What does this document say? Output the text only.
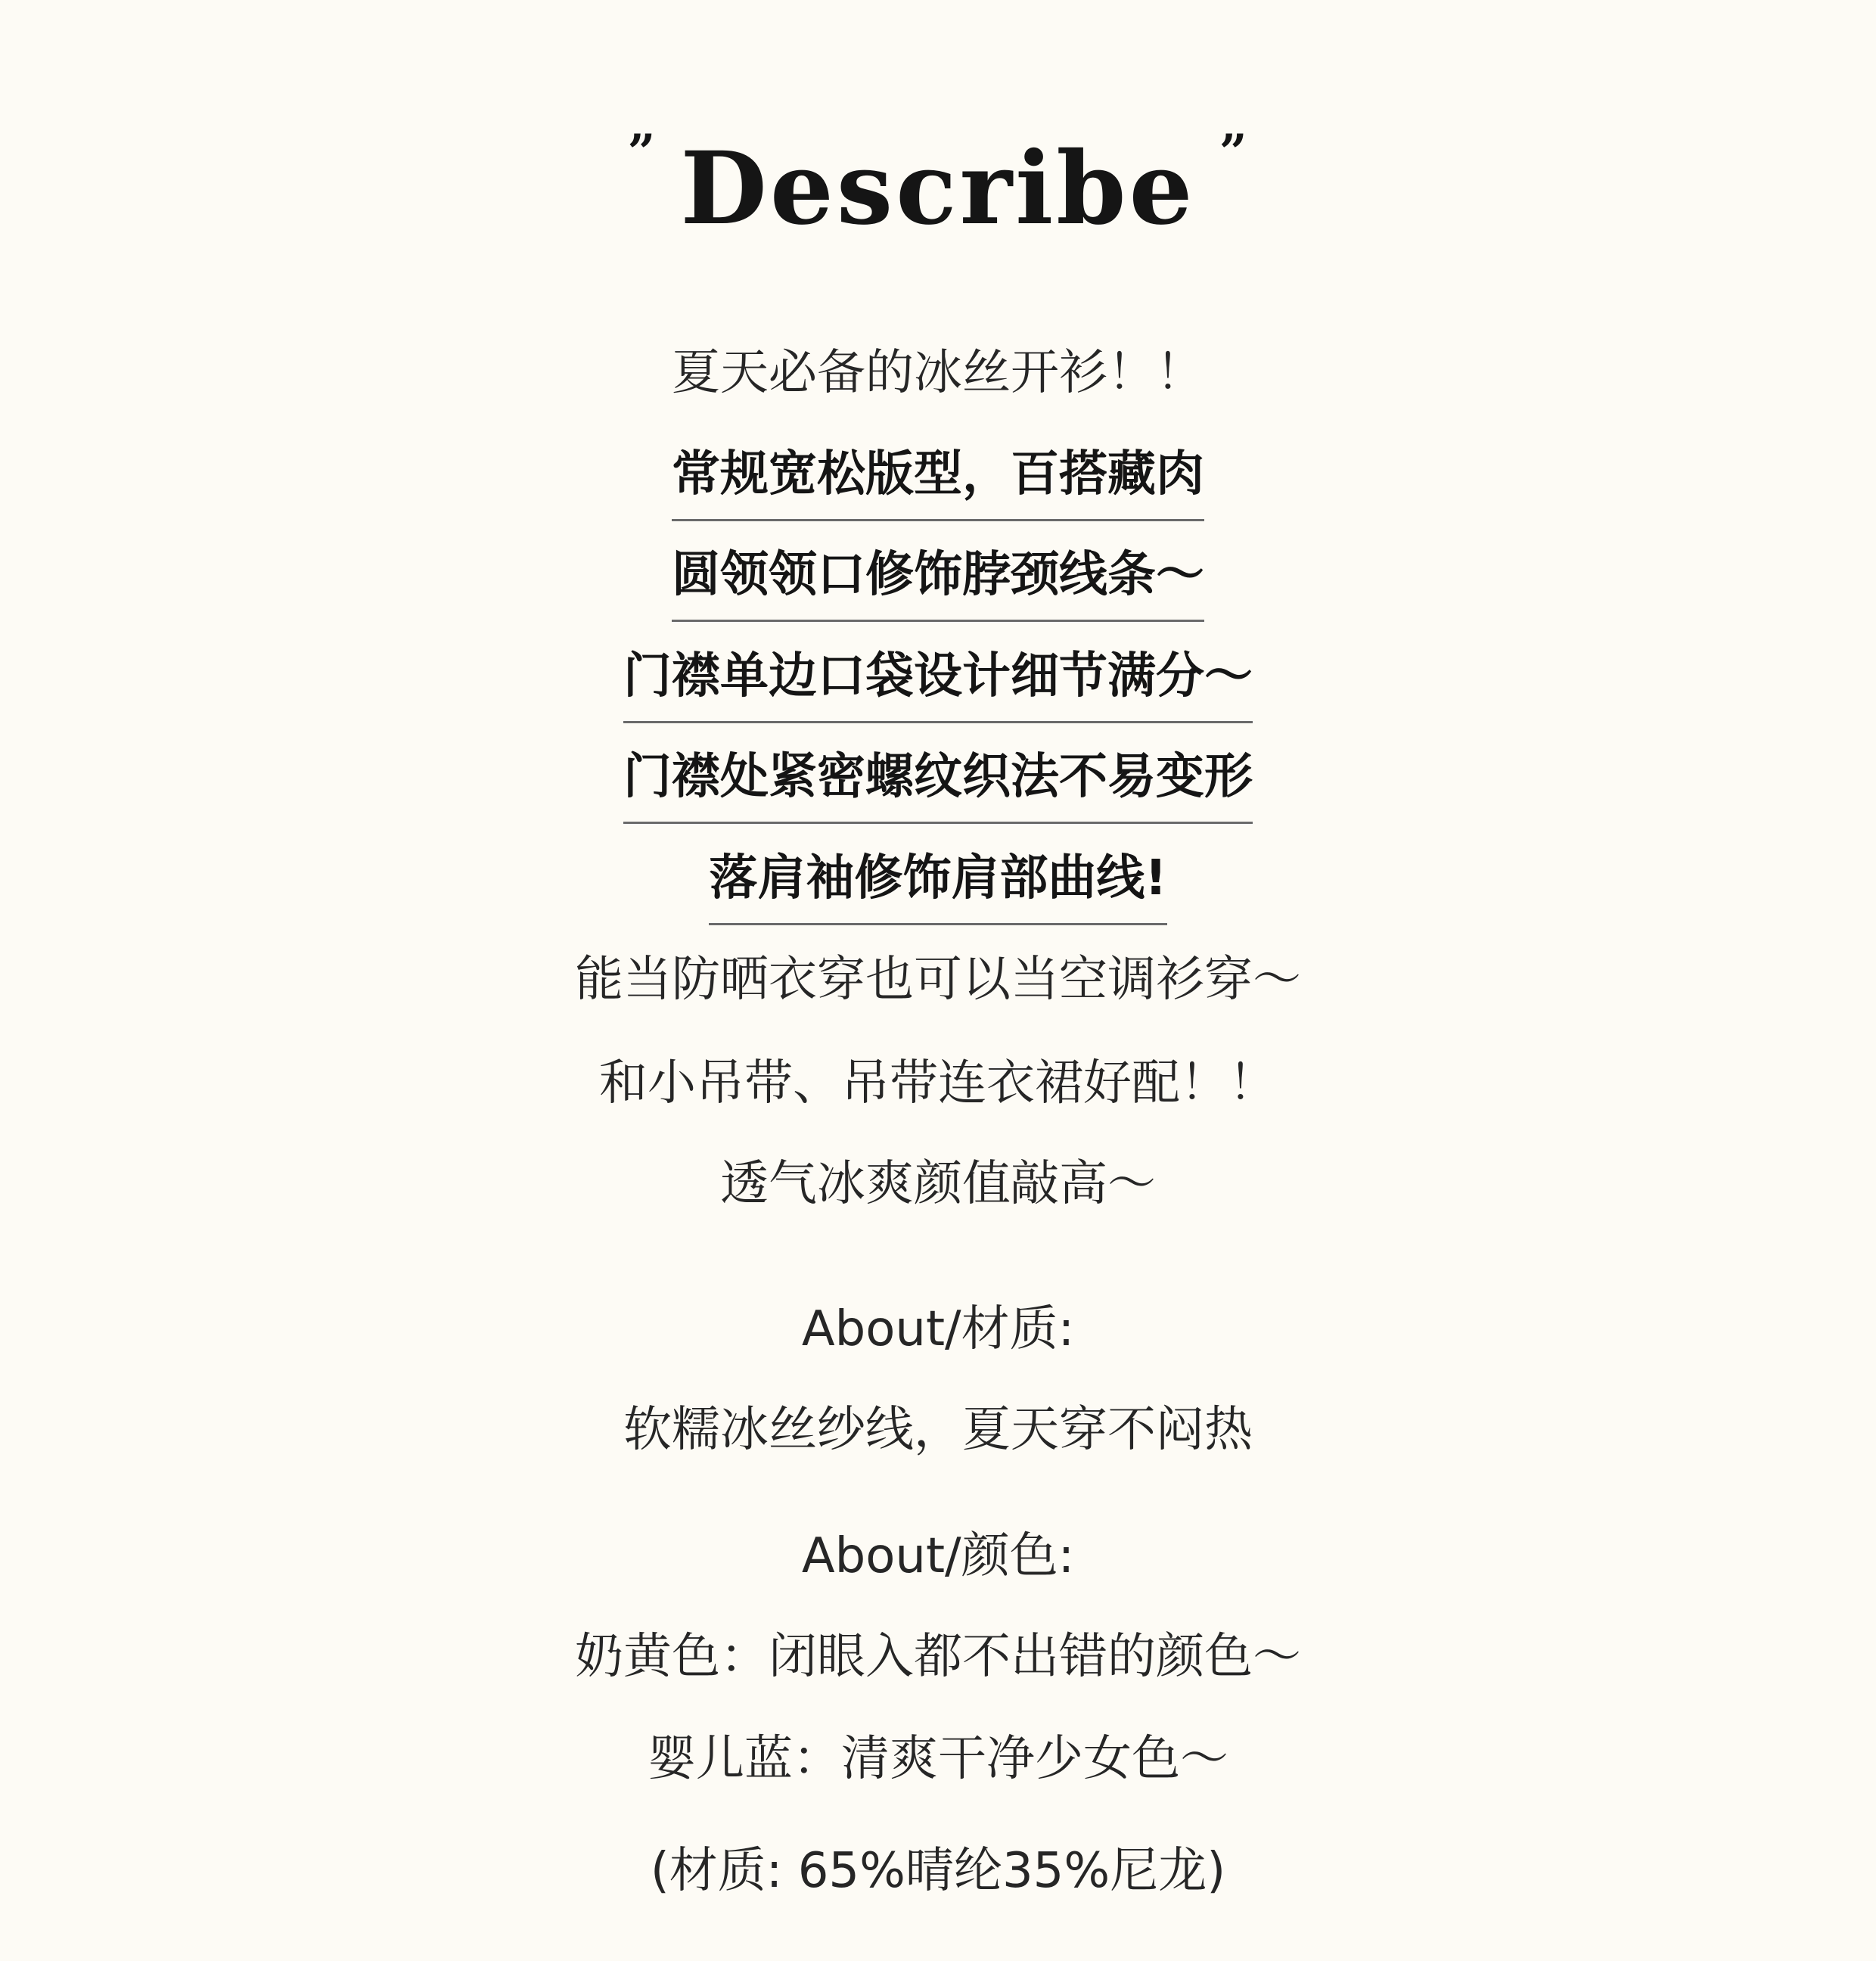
” Describe ”
夏天必备的冰丝开衫！！
常规宽松版型，百搭藏肉
圆领领口修饰脖颈线条～
门襟单边口袋设计细节满分～
门襟处紧密螺纹织法不易变形
落肩袖修饰肩部曲线!
能当防晒衣穿也可以当空调衫穿～
和小吊带、吊带连衣裙好配！！
透气冰爽颜值敲高～
About/材质:
软糯冰丝纱线，夏天穿不闷热
About/颜色:
奶黄色：闭眼入都不出错的颜色～
婴儿蓝：清爽干净少女色～
(材质: 65%晴纶35%尼龙)
